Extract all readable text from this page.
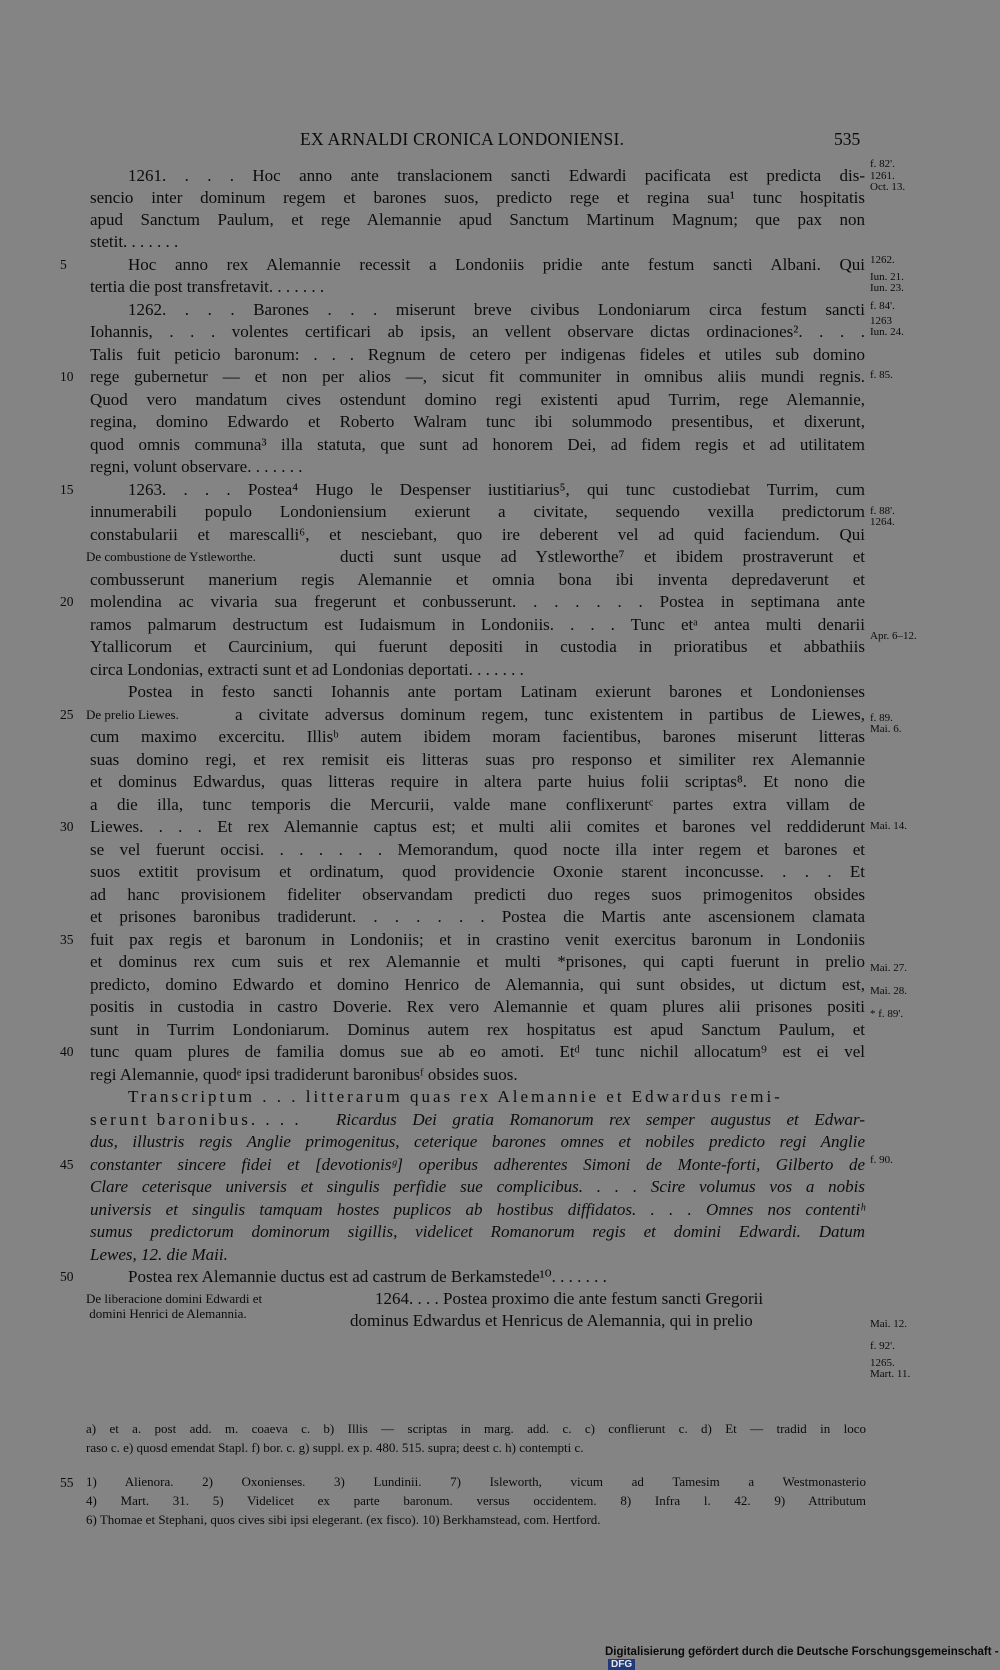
EX ARNALDI CRONICA LONDONIENSI.	535
1261. . . . Hoc anno ante translacionem sancti Edwardi pacificata est predicta dis-
sencio inter dominum regem et barones suos, predicto rege et regina sua¹ tunc hospitatis
apud Sanctum Paulum, et rege Alemannie apud Sanctum Martinum Magnum; que pax non
stetit. . . . . . .
Hoc anno rex Alemannie recessit a Londoniis pridie ante festum sancti Albani. Qui
tertia die post transfretavit. . . . . . .
1262. . . . Barones . . . miserunt breve civibus Londoniarum circa festum sancti
Iohannis, . . . volentes certificari ab ipsis, an vellent observare dictas ordinaciones². . . .
Talis fuit peticio baronum: . . . Regnum de cetero per indigenas fideles et utiles sub domino
rege gubernetur — et non per alios —, sicut fit communiter in omnibus aliis mundi regnis.
Quod vero mandatum cives ostendunt domino regi existenti apud Turrim, rege Alemannie,
regina, domino Edwardo et Roberto Walram tunc ibi solummodo presentibus, et dixerunt,
quod omnis communa³ illa statuta, que sunt ad honorem Dei, ad fidem regis et ad utilitatem
regni, volunt observare. . . . . . .
1263. . . . Postea⁴ Hugo le Despenser iustitiarius⁵, qui tunc custodiebat Turrim, cum
innumerabili populo Londoniensium exierunt a civitate, sequendo vexilla predictorum
constabularii et marescalli⁶, et nesciebant, quo ire deberent vel ad quid faciendum. Qui
De combustione de Ystleworthe.	ducti sunt usque ad Ystleworthe⁷ et ibidem prostraverunt et
combusserunt manerium regis Alemannie et omnia bona ibi inventa depredaverunt et
molendina ac vivaria sua fregerunt et conbusserunt. . . . . . . Postea in septimana ante
ramos palmarum destructum est Iudaismum in Londoniis. . . . Tunc etᵃ antea multi denarii
Ytallicorum et Caurcinium, qui fuerunt depositi in custodia in prioratibus et abbathiis
circa Londonias, extracti sunt et ad Londonias deportati. . . . . . .
Postea in festo sancti Iohannis ante portam Latinam exierunt barones et Londonienses
De prelio Liewes.	a civitate adversus dominum regem, tunc existentem in partibus de Liewes,
cum maximo excercitu. Illisᵇ autem ibidem moram facientibus, barones miserunt litteras
suas domino regi, et rex remisit eis litteras suas pro responso et similiter rex Alemannie
et dominus Edwardus, quas litteras require in altera parte huius folii scriptas⁸. Et nono die
a die illa, tunc temporis die Mercurii, valde mane conflixeruntᶜ partes extra villam de
Liewes. . . . Et rex Alemannie captus est; et multi alii comites et barones vel reddiderunt
se vel fuerunt occisi. . . . . . . Memorandum, quod nocte illa inter regem et barones et
suos extitit provisum et ordinatum, quod providencie Oxonie starent inconcusse. . . . Et
ad hanc provisionem fideliter observandam predicti duo reges suos primogenitos obsides
et prisones baronibus tradiderunt. . . . . . . Postea die Martis ante ascensionem clamata
fuit pax regis et baronum in Londoniis; et in crastino venit exercitus baronum in Londoniis
et dominus rex cum suis et rex Alemannie et multi *prisones, qui capti fuerunt in prelio
predicto, domino Edwardo et domino Henrico de Alemannia, qui sunt obsides, ut dictum est,
positis in custodia in castro Doverie. Rex vero Alemannie et quam plures alii prisones positi
sunt in Turrim Londoniarum. Dominus autem rex hospitatus est apud Sanctum Paulum, et
tunc quam plures de familia domus sue ab eo amoti. Etᵈ tunc nichil allocatum⁹ est ei vel
regi Alemannie, quodᵉ ipsi tradiderunt baronibusᶠ obsides suos.
Transcriptum . . . litterarum quas rex Alemannie et Edwardus remi-
serunt baronibus. . . . Ricardus Dei gratia Romanorum rex semper augustus et Edwar-
dus, illustris regis Anglie primogenitus, ceterique barones omnes et nobiles predicto regi Anglie
constanter sincere fidei et [devotionisᵍ] operibus adherentes Simoni de Monte-forti, Gilberto de
Clare ceterisque universis et singulis perfidie sue complicibus. . . . Scire volumus vos a nobis
universis et singulis tamquam hostes puplicos ab hostibus diffidatos. . . . Omnes nos contentiʰ
sumus predictorum dominorum sigillis, videlicet Romanorum regis et domini Edwardi. Datum
Lewes, 12. die Maii.
Postea rex Alemannie ductus est ad castrum de Berkamstede¹⁰. . . . . . .
De liberacione domini Edwardi et
domini Henrici de Alemannia.
1264. . . . Postea proximo die ante festum sancti Gregorii
dominus Edwardus et Henricus de Alemannia, qui in prelio
5
10
15
20
25
30
35
40
45
50
55
f. 82'.
1261.
Oct. 13.
1262.
Iun. 21.
Iun. 23.
f. 84'.
1263
Iun. 24.
f. 85.
f. 88'.
1264.
Apr. 6–12.
f. 89.
Mai. 6.
Mai. 14.
Mai. 27.
Mai. 28.
* f. 89'.
f. 90.
Mai. 12.
f. 92'.
1265.
Mart. 11.
a) et a. post add. m. coaeva c. b) Illis — scriptas in marg. add. c. c) conflierunt c. d) Et — tradid in loco
raso c. e) quosd emendat Stapl. f) bor. c. g) suppl. ex p. 480. 515. supra; deest c. h) contempti c.
1) Alienora. 2) Oxonienses. 3) Lundinii. 7) Isleworth, vicum ad Tamesim a Westmonasterio
4) Mart. 31. 5) Videlicet ex parte baronum. versus occidentem. 8) Infra l. 42. 9) Attributum
6) Thomae et Stephani, quos cives sibi ipsi elegerant. (ex fisco). 10) Berkhamstead, com. Hertford.
Digitalisierung gefördert durch die Deutsche Forschungsgemeinschaft -DFG
